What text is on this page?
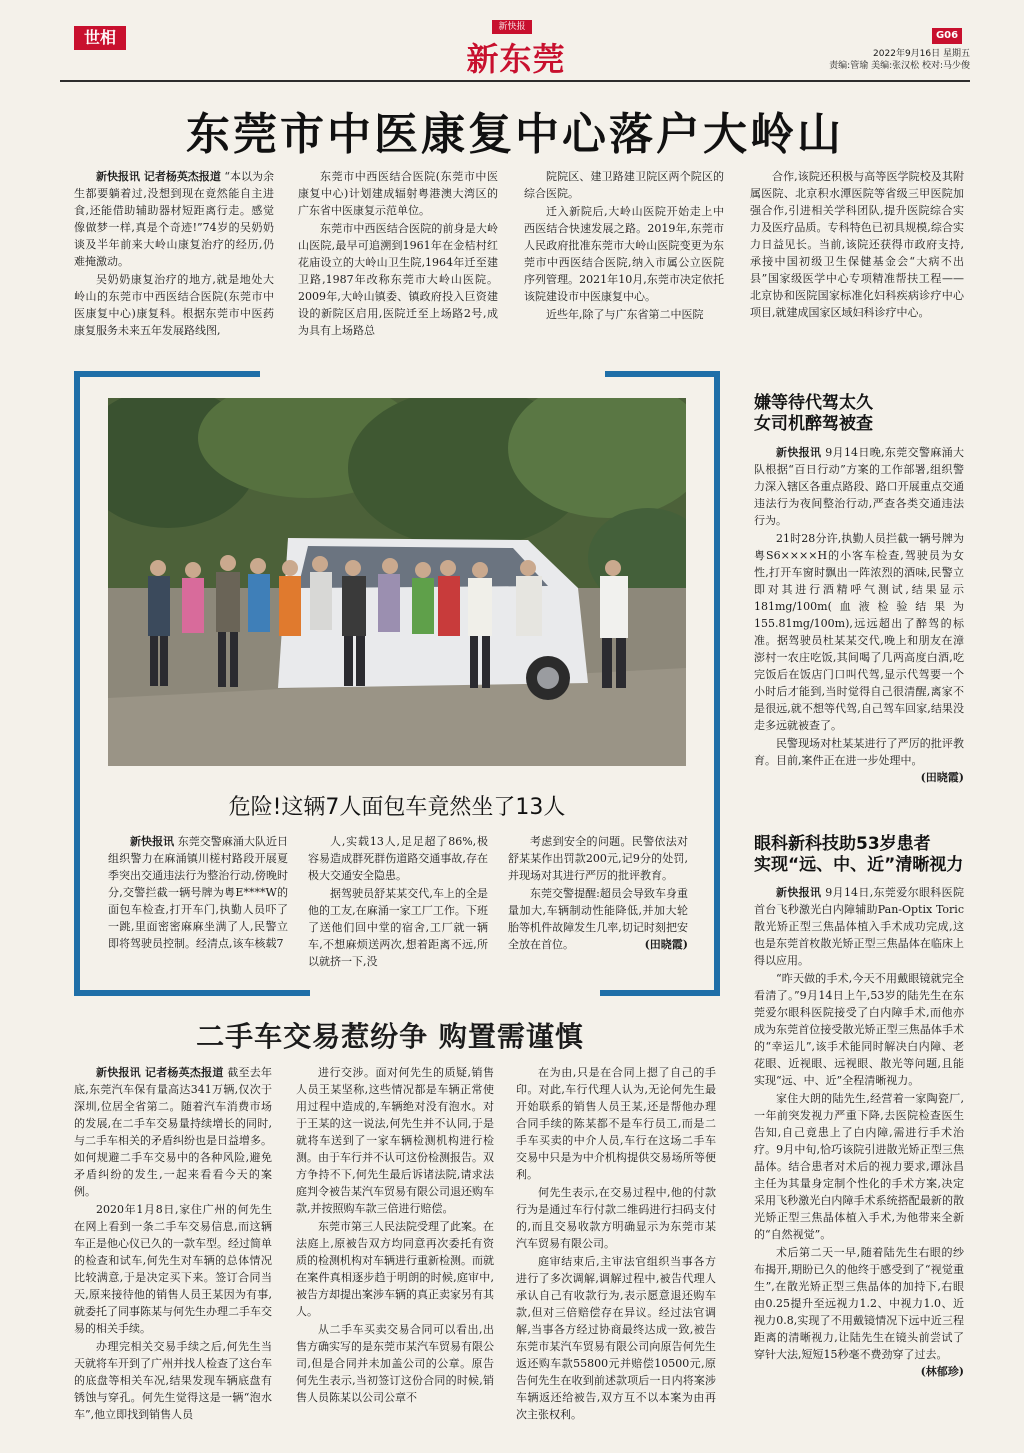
世相
新快报
新东莞
G06
2022年9月16日 星期五
责编:管瑜 美编:张汉松 校对:马少俊
东莞市中医康复中心落户大岭山

新快报讯 记者杨英杰报道 “本以为余生都要躺着过,没想到现在竟然能自主进食,还能借助辅助器材短距离行走。感觉像做梦一样,真是个奇迹!”74岁的吴奶奶谈及半年前来大岭山康复治疗的经历,仍难掩激动。

吴奶奶康复治疗的地方,就是地处大岭山的东莞市中西医结合医院(东莞市中医康复中心)康复科。根据东莞市中医药康复服务未来五年发展路线图,

东莞市中西医结合医院(东莞市中医康复中心)计划建成辐射粤港澳大湾区的广东省中医康复示范单位。

东莞市中西医结合医院的前身是大岭山医院,最早可追溯到1961年在金桔村红花庙设立的大岭山卫生院,1964年迁至建卫路,1987年改称东莞市大岭山医院。2009年,大岭山镇委、镇政府投入巨资建设的新院区启用,医院迁至上场路2号,成为具有上场路总

院院区、建卫路建卫院区两个院区的综合医院。

迁入新院后,大岭山医院开始走上中西医结合快速发展之路。2019年,东莞市人民政府批准东莞市大岭山医院变更为东莞市中西医结合医院,纳入市属公立医院序列管理。2021年10月,东莞市决定依托该院建设市中医康复中心。

近些年,除了与广东省第二中医院

合作,该院还积极与高等医学院校及其附属医院、北京积水潭医院等省级三甲医院加强合作,引进相关学科团队,提升医院综合实力及医疗品质。专科特色已初具规模,综合实力日益见长。当前,该院还获得市政府支持,承接中国初级卫生保健基金会“大病不出县”国家级医学中心专项精准帮扶工程——北京协和医院国家标准化妇科疾病诊疗中心项目,就建成国家区域妇科诊疗中心。

危险!这辆7人面包车竟然坐了13人

新快报讯 东莞交警麻涌大队近日组织警力在麻涌镇川槎村路段开展夏季突出交通违法行为整治行动,傍晚时分,交警拦截一辆号牌为粤E****W的面包车检查,打开车门,执勤人员吓了一跳,里面密密麻麻坐满了人,民警立即将驾驶员控制。经清点,该车核载7

人,实载13人,足足超了86%,极容易造成群死群伤道路交通事故,存在极大交通安全隐患。

据驾驶员舒某某交代,车上的全是他的工友,在麻涌一家工厂工作。下班了送他们回中堂的宿舍,工厂就一辆车,不想麻烦送两次,想着距离不远,所以就挤一下,没

考虑到安全的问题。民警依法对舒某某作出罚款200元,记9分的处罚,并现场对其进行严厉的批评教育。

东莞交警提醒:超员会导致车身重量加大,车辆制动性能降低,并加大轮胎等机件故障发生几率,切记时刻把安全放在首位。	(田晓霞)

嫌等待代驾太久
女司机醉驾被查

新快报讯 9月14日晚,东莞交警麻涌大队根据“百日行动”方案的工作部署,组织警力深入辖区各重点路段、路口开展重点交通违法行为夜间整治行动,严查各类交通违法行为。

21时28分许,执勤人员拦截一辆号牌为粤S6××××H的小客车检查,驾驶员为女性,打开车窗时飘出一阵浓烈的酒味,民警立即对其进行酒精呼气测试,结果显示181mg/100m(血液检验结果为155.81mg/100m),远远超出了醉驾的标准。据驾驶员杜某某交代,晚上和朋友在漳澎村一农庄吃饭,其间喝了几两高度白酒,吃完饭后在饭店门口叫代驾,显示代驾要一个小时后才能到,当时觉得自己很清醒,离家不是很远,就不想等代驾,自己驾车回家,结果没走多远就被查了。

民警现场对杜某某进行了严厉的批评教育。目前,案件正在进一步处理中。
(田晓霞)

眼科新科技助53岁患者
实现“远、中、近”清晰视力

新快报讯 9月14日,东莞爱尔眼科医院首台飞秒激光白内障辅助Pan-Optix Toric散光矫正型三焦晶体植入手术成功完成,这也是东莞首枚散光矫正型三焦晶体在临床上得以应用。

“昨天做的手术,今天不用戴眼镜就完全看清了。”9月14日上午,53岁的陆先生在东莞爱尔眼科医院接受了白内障手术,而他亦成为东莞首位接受散光矫正型三焦晶体手术的“幸运儿”,该手术能同时解决白内障、老花眼、近视眼、远视眼、散光等问题,且能实现“远、中、近”全程清晰视力。

家住大朗的陆先生,经营着一家陶瓷厂,一年前突发视力严重下降,去医院检查医生告知,自己竟患上了白内障,需进行手术治疗。9月中旬,恰巧该院引进散光矫正型三焦晶体。结合患者对术后的视力要求,谭泳昌主任为其量身定制个性化的手术方案,决定采用飞秒激光白内障手术系统搭配最新的散光矫正型三焦晶体植入手术,为他带来全新的“自然视觉”。

术后第二天一早,随着陆先生右眼的纱布揭开,期盼已久的他终于感受到了“视觉重生”,在散光矫正型三焦晶体的加持下,右眼由0.25提升至远视力1.2、中视力1.0、近视力0.8,实现了不用戴镜情况下远中近三程距离的清晰视力,让陆先生在镜头前尝试了穿针大法,短短15秒毫不费劲穿了过去。
(林郁珍)

二手车交易惹纷争 购置需谨慎

新快报讯 记者杨英杰报道 截至去年底,东莞汽车保有量高达341万辆,仅次于深圳,位居全省第二。随着汽车消费市场的发展,在二手车交易量持续增长的同时,与二手车相关的矛盾纠纷也是日益增多。如何规避二手车交易中的各种风险,避免矛盾纠纷的发生,一起来看看今天的案例。

2020年1月8日,家住广州的何先生在网上看到一条二手车交易信息,而这辆车正是他心仪已久的一款车型。经过简单的检查和试车,何先生对车辆的总体情况比较满意,于是决定买下来。签订合同当天,原来接待他的销售人员王某因为有事,就委托了同事陈某与何先生办理二手车交易的相关手续。

办理完相关交易手续之后,何先生当天就将车开到了广州并找人检查了这台车的底盘等相关车况,结果发现车辆底盘有锈蚀与穿孔。何先生觉得这是一辆“泡水车”,他立即找到销售人员

进行交涉。面对何先生的质疑,销售人员王某坚称,这些情况都是车辆正常使用过程中造成的,车辆绝对没有泡水。对于王某的这一说法,何先生并不认同,于是就将车送到了一家车辆检测机构进行检测。由于车行并不认可这份检测报告。双方争持不下,何先生最后诉诸法院,请求法庭判令被告某汽车贸易有限公司退还购车款,并按照购车款三倍进行赔偿。

东莞市第三人民法院受理了此案。在法庭上,原被告双方均同意再次委托有资质的检测机构对车辆进行重新检测。而就在案件真相逐步趋于明朗的时候,庭审中,被告方却提出案涉车辆的真正卖家另有其人。

从二手车买卖交易合同可以看出,出售方确实写的是东莞市某汽车贸易有限公司,但是合同并未加盖公司的公章。原告何先生表示,当初签订这份合同的时候,销售人员陈某以公司公章不

在为由,只是在合同上摁了自己的手印。对此,车行代理人认为,无论何先生最开始联系的销售人员王某,还是帮他办理合同手续的陈某都不是车行员工,而是二手车买卖的中介人员,车行在这场二手车交易中只是为中介机构提供交易场所等便利。

何先生表示,在交易过程中,他的付款行为是通过车行付款二维码进行扫码支付的,而且交易收款方明确显示为东莞市某汽车贸易有限公司。

庭审结束后,主审法官组织当事各方进行了多次调解,调解过程中,被告代理人承认自己有收款行为,表示愿意退还购车款,但对三倍赔偿存在异议。经过法官调解,当事各方经过协商最终达成一致,被告东莞市某汽车贸易有限公司向原告何先生返还购车款55800元并赔偿10500元,原告何先生在收到前述款项后一日内将案涉车辆返还给被告,双方互不以本案为由再次主张权利。
